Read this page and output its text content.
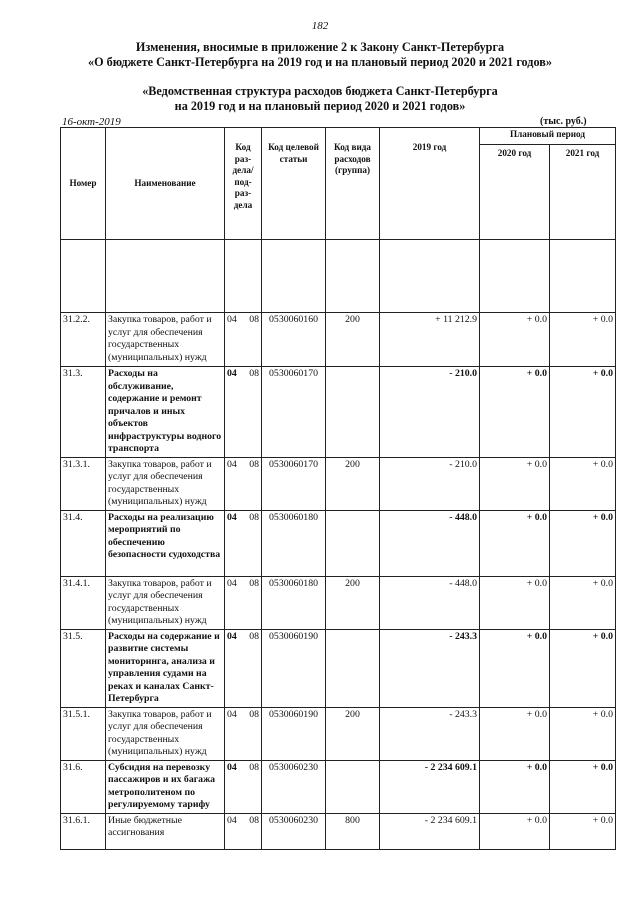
182
Изменения, вносимые в приложение 2 к Закону Санкт-Петербурга
«О бюджете Санкт-Петербурга на 2019 год и на плановый период 2020 и 2021 годов»
«Ведомственная структура расходов бюджета Санкт-Петербурга
на 2019 год и на плановый период 2020 и 2021 годов»
16-окт-2019	(тыс. руб.)
Номер	Наименование	Код раз-дела/ под-раз-дела		Код целевой статьи	Код вида расходов (группа)	2019 год	Плановый период	
							2020 год	2021 год

31.2.2.	Закупка товаров, работ и услуг для обеспечения государственных (муниципальных) нужд	04	08	0530060160	200	+ 11 212.9	+ 0.0	+ 0.0
31.3.	Расходы на обслуживание, содержание и ремонт причалов и иных объектов инфраструктуры водного транспорта	04	08	0530060170		- 210.0	+ 0.0	+ 0.0
31.3.1.	Закупка товаров, работ и услуг для обеспечения государственных (муниципальных) нужд	04	08	0530060170	200	- 210.0	+ 0.0	+ 0.0
31.4.	Расходы на реализацию мероприятий по обеспечению безопасности судоходства	04	08	0530060180		- 448.0	+ 0.0	+ 0.0
31.4.1.	Закупка товаров, работ и услуг для обеспечения государственных (муниципальных) нужд	04	08	0530060180	200	- 448.0	+ 0.0	+ 0.0
31.5.	Расходы на содержание и развитие системы мониторинга, анализа и управления судами на реках и каналах Санкт-Петербурга	04	08	0530060190		- 243.3	+ 0.0	+ 0.0
31.5.1.	Закупка товаров, работ и услуг для обеспечения государственных (муниципальных) нужд	04	08	0530060190	200	- 243.3	+ 0.0	+ 0.0
31.6.	Субсидия на перевозку пассажиров и их багажа метрополитеном по регулируемому тарифу	04	08	0530060230		- 2 234 609.1	+ 0.0	+ 0.0
31.6.1.	Иные бюджетные ассигнования	04	08	0530060230	800	- 2 234 609.1	+ 0.0	+ 0.0
